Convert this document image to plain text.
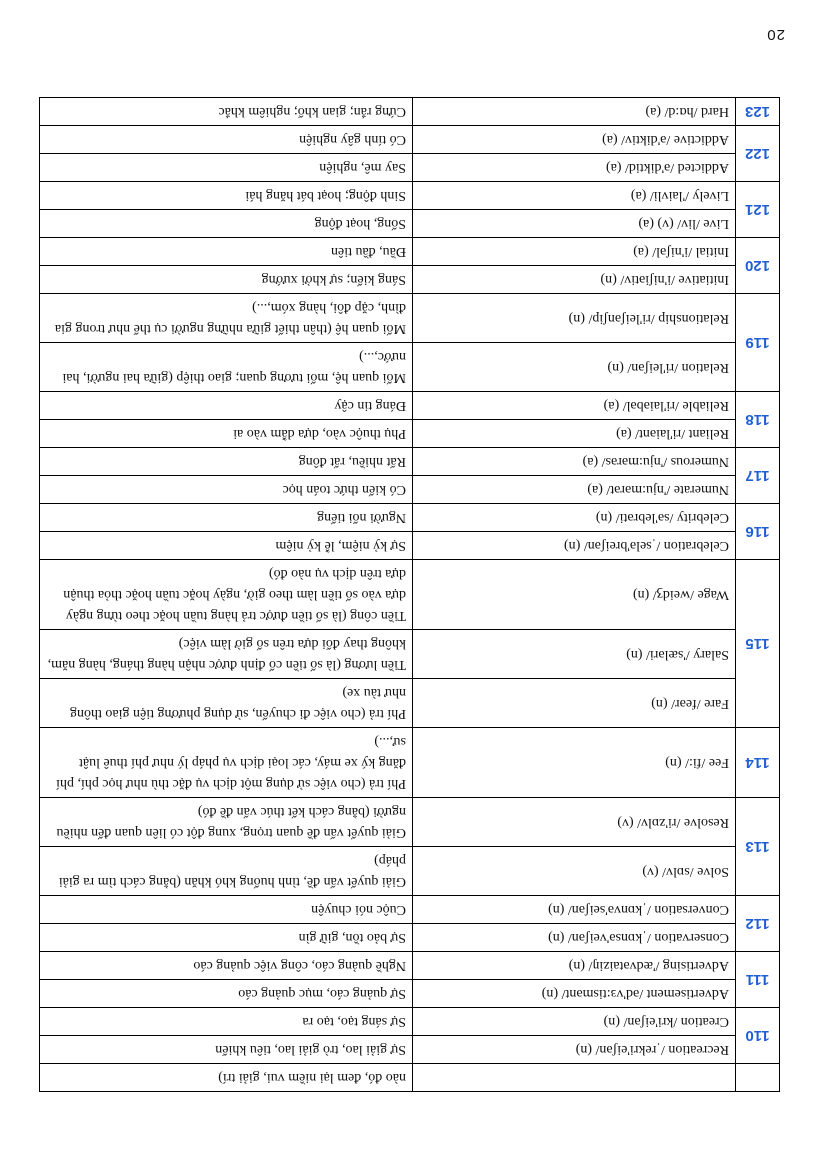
		nào đó, đem lại niềm vui, giải trí)
110	Recreation /ˌrekri'eiʃən/ (n)	Sự giải lao, trò giải lao, tiêu khiển
	Creation /kri'eiʃən/ (n)	Sự sáng tạo, tạo ra
111	Advertisement /əd'vɜ:tismənt/ (n)	Sự quảng cáo, mục quảng cáo
	Advertising /'ædvətaiziŋ/ (n)	Nghề quảng cáo, công việc quảng cáo
112	Conservation /ˌkɒnsə'veiʃən/ (n)	Sự bảo tồn, giữ gìn
	Conversation /ˌkɒnvə'seiʃən/ (n)	Cuộc nói chuyện
113	Solve /sɒlv/ (v)	Giải quyết vấn đề, tình huống khó khăn (bằng cách tìm ra giải pháp)
	Resolve /ri'zɒlv/ (v)	Giải quyết vấn đề quan trọng, xung đột có liên quan đến nhiều người (bằng cách kết thúc vấn đề đó)
114	Fee /fi:/ (n)	Phí trả (cho việc sử dụng một dịch vụ đặc thù như học phí, phí đăng ký xe máy, các loại dịch vụ pháp lý như phí thuê luật sư,...)
115	Fare /feər/ (n)	Phí trả (cho việc đi chuyến, sử dụng phương tiện giao thông như tàu xe)
	Salary /'sæləri/ (n)	Tiền lương (là số tiền cố định được nhận hàng tháng, hàng năm, không thay đổi dựa trên số giờ làm việc)
	Wage /weidʒ/ (n)	Tiền công (là số tiền được trả hàng tuần hoặc theo từng ngày dựa vào số tiền làm theo giờ, ngày hoặc tuần hoặc thỏa thuận dựa trên dịch vụ nào đó)
116	Celebration /ˌselə'breiʃən/ (n)	Sự kỷ niệm, lễ kỷ niệm
	Celebrity /sə'lebrəti/ (n)	Người nổi tiếng
117	Numerate /'nju:mərət/ (a)	Có kiến thức toán học
	Numerous /'nju:mərəs/ (a)	Rất nhiều, rất đông
118	Reliant /ri'laiənt/ (a)	Phụ thuộc vào, dựa dẫm vào ai
	Reliable /ri'laiəbəl/ (a)	Đáng tin cậy
119	Relation /ri'leiʃən/ (n)	Mối quan hệ, mối tương quan; giao thiệp (giữa hai người, hai nước,...)
	Relationship /ri'leiʃənʃip/ (n)	Mối quan hệ (thân thiết giữa những người cụ thể như trong gia đình, cặp đôi, hàng xóm,...)
120	Initiative /i'niʃiətiv/ (n)	Sáng kiến; sự khởi xướng
	Initial /i'niʃəl/ (a)	Đầu, đầu tiên
121	Live /liv/ (v) (a)	Sống, hoạt động
	Lively /'laivli/ (a)	Sinh động; hoạt bát hăng hái
122	Addicted /ə'diktid/ (a)	Say mê, nghiện
	Addictive /ə'diktiv/ (a)	Có tính gây nghiện
123	Hard /hɑ:d/ (a)	Cứng rắn; gian khổ; nghiêm khắc
20
